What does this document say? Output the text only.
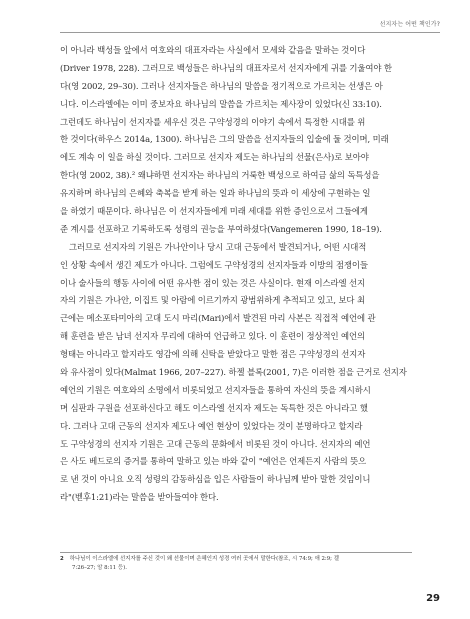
선지자는 어떤 책인가?
이 아니라 백성들 앞에서 여호와의 대표자라는 사실에서 모세와 같음을 말하는 것이다
(Driver 1978, 228). 그러므로 백성들은 하나님의 대표자로서 선지자에게 귀를 기울여야 한
다(영 2002, 29–30). 그러나 선지자들은 하나님의 말씀을 정기적으로 가르치는 선생은 아
니다. 이스라엘에는 이미 중보자요 하나님의 말씀을 가르치는 제사장이 있었다(신 33:10).
그런데도 하나님이 선지자를 세우신 것은 구약성경의 이야기 속에서 특정한 시대를 위
한 것이다(하우스 2014a, 1300). 하나님은 그의 말씀을 선지자들의 입술에 둘 것이며, 미래
에도 계속 이 일을 하실 것이다. 그러므로 선지자 제도는 하나님의 선물(은사)로 보아야
한다(영 2002, 38).² 왜냐하면 선지자는 하나님의 거룩한 백성으로 하여금 삶의 독특성을
유지하며 하나님의 은혜와 축복을 받게 하는 일과 하나님의 뜻과 이 세상에 구현하는 일
을 하였기 때문이다. 하나님은 이 선지자들에게 미래 세대를 위한 증인으로서 그들에게
준 계시를 선포하고 기록하도록 성령의 권능을 부여하셨다(Vangemeren 1990, 18–19).
그러므로 선지자의 기원은 가나안이나 당시 고대 근동에서 발견되거나, 어떤 시대적
인 상황 속에서 생긴 제도가 아니다. 그럼에도 구약성경의 선지자들과 이방의 점쟁이들
이나 술사들의 행동 사이에 어떤 유사한 점이 있는 것은 사실이다. 현재 이스라엘 선지
자의 기원은 가나안, 이집트 및 아람에 이르기까지 광범위하게 추적되고 있고, 보다 최
근에는 메소포타미아의 고대 도시 마리(Mari)에서 발견된 마리 사본은 직접적 예언에 관
해 훈련을 받은 남녀 선지자 무리에 대하여 언급하고 있다. 이 훈련이 정상적인 예언의
형태는 아니라고 할지라도 영감에 의해 신탁을 받았다고 말한 점은 구약성경의 선지자
와 유사점이 있다(Malmat 1966, 207–227). 하젤 블록(2001, 7)은 이러한 점을 근거로 선지자
예언의 기원은 여호와의 소명에서 비롯되었고 선지자들을 통하여 자신의 뜻을 계시하시
며 심판과 구원을 선포하신다고 해도 이스라엘 선지자 제도는 독특한 것은 아니라고 했
다. 그러나 고대 근동의 선지자 제도나 예언 현상이 있었다는 것이 분명하다고 할지라
도 구약성경의 선지자 기원은 고대 근동의 문화에서 비롯된 것이 아니다. 선지자의 예언
은 사도 베드로의 증거를 통하여 말하고 있는 바와 같이 "예언은 언제든지 사람의 뜻으
로 낸 것이 아니요 오직 성령의 감동하심을 입은 사람들이 하나님께 받아 말한 것임이니
라"(벧후1:21)라는 말씀을 받아들여야 한다.
2 하나님이 이스라엘에 선지자를 주신 것이 왜 선물이며 은혜인지 성경 여러 곳에서 말한다(참조, 시 74:9; 애 2:9; 겔
7:26–27; 암 8:11 등).
29
